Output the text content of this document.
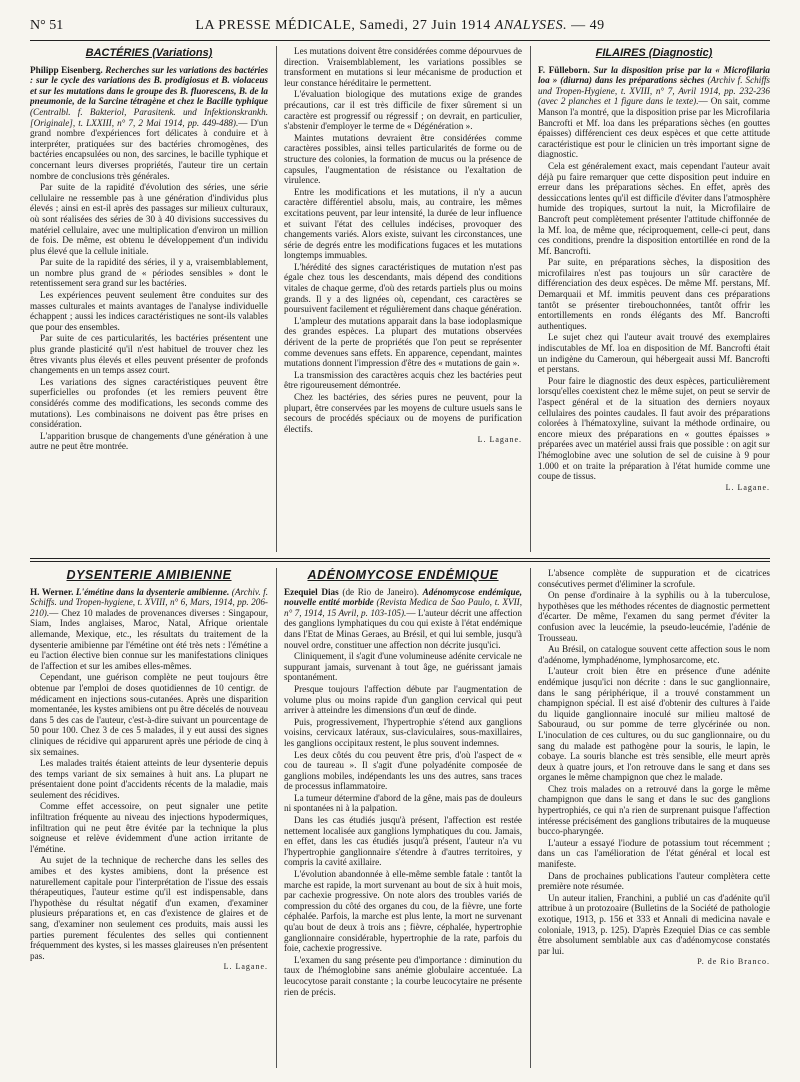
N° 51	LA PRESSE MÉDICALE, Samedi, 27 Juin 1914 ANALYSES. — 49
BACTÉRIES (Variations)

Philipp Eisenberg. Recherches sur les variations des bactéries : sur le cycle des variations des B. prodigiosus et B. violaceus et sur les mutations dans le groupe des B. fluorescens, B. de la pneumonie, de la Sarcine tétragène et chez le Bacille typhique (Centralbl. f. Bakteriol, Parasitenk. und Infektionskrankh. [Originale], t. LXXIII, n° 7, 2 Mai 1914, pp. 449-488).— D'un grand nombre d'expériences fort délicates à conduire et à interpréter, pratiquées sur des bactéries chromogènes, des bactéries encapsulées ou non, des sarcines, le bacille typhique et concernant leurs diverses propriétés, l'auteur tire un certain nombre de conclusions très générales.

Par suite de la rapidité d'évolution des séries, une série cellulaire ne ressemble pas à une génération d'individus plus élevés ; ainsi en est-il après des passages sur milieux culturaux, où sont réalisées des séries de 30 à 40 divisions successives du matériel cellulaire, avec une multiplication d'environ un million de fois. De même, est obtenu le développement d'un individu plus élevé que la cellule initiale.

Par suite de la rapidité des séries, il y a, vraisemblablement, un nombre plus grand de « périodes sensibles » dont le retentissement sera grand sur les bactéries.

Les expériences peuvent seulement être conduites sur des masses culturales et maints avantages de l'analyse individuelle échappent ; aussi les indices caractéristiques ne sont-ils valables que pour des ensembles.

Par suite de ces particularités, les bactéries présentent une plus grande plasticité qu'il n'est habituel de trouver chez les êtres vivants plus élevés et elles peuvent présenter de profonds changements en un temps assez court.

Les variations des signes caractéristiques peuvent être superficielles ou profondes (et les remiers peuvent être considérés comme des modifications, les seconds comme des mutations). Les combinaisons ne doivent pas être prises en considération.

L'apparition brusque de changements d'une génération à une autre ne peut être montrée.

Les mutations doivent être considérées comme dépourvues de direction. Vraisemblablement, les variations possibles se transforment en mutations si leur mécanisme de production et leur constance héréditaire le permettent.

L'évaluation biologique des mutations exige de grandes précautions, car il est très difficile de fixer sûrement si un caractère est progressif ou régressif ; on devrait, en particulier, s'abstenir d'employer le terme de « Dégénération ».

Maintes mutations devraient être considérées comme caractères possibles, ainsi telles particularités de forme ou de structure des colonies, la formation de mucus ou la présence de capsules, l'augmentation de résistance ou l'exaltation de virulence.

Entre les modifications et les mutations, il n'y a aucun caractère différentiel absolu, mais, au contraire, les mêmes excitations peuvent, par leur intensité, la durée de leur influence et suivant l'état des cellules indécises, provoquer des changements variés. Alors existe, suivant les circonstances, une série de degrés entre les modifications fugaces et les mutations longtemps immuables.

L'hérédité des signes caractéristiques de mutation n'est pas égale chez tous les descendants, mais dépend des conditions vitales de chaque germe, d'où des retards partiels plus ou moins grands. Il y a des lignées où, cependant, ces caractères se poursuivent facilement et régulièrement dans chaque génération.

L'ampleur des mutations apparait dans la base iodoplasmique des grandes espèces. La plupart des mutations observées dérivent de la perte de propriétés que l'on peut se représenter comme devenues sans effets. En apparence, cependant, maintes mutations donnent l'impression d'être des « mutations de gain ».

La transmission des caractères acquis chez les bactéries peut être rigoureusement démontrée.

Chez les bactéries, des séries pures ne peuvent, pour la plupart, être conservées par les moyens de culture usuels sans le secours de procédés spéciaux ou de moyens de purification électifs.

L. Lagane.

FILAIRES (Diagnostic)

F. Fülleborn. Sur la disposition prise par la « Microfilaria loa » (diurna) dans les préparations sèches (Archiv f. Schiffs und Tropen-Hygiene, t. XVIII, n° 7, Avril 1914, pp. 232-236 (avec 2 planches et 1 figure dans le texte).— On sait, comme Manson l'a montré, que la disposition prise par les Microfilaria Bancrofti et Mf. loa dans les préparations sèches (en gouttes épaisses) différencient ces deux espèces et que cette attitude caractéristique est pour le clinicien un très important signe de diagnostic.

Cela est généralement exact, mais cependant l'auteur avait déjà pu faire remarquer que cette disposition peut induire en erreur dans les préparations sèches. En effet, après des dessiccations lentes qu'il est difficile d'éviter dans l'atmosphère humide des tropiques, surtout la nuit, la Microfilaire de Bancroft peut complètement présenter l'attitude chiffonnée de la Mf. loa, de même que, réciproquement, celle-ci peut, dans ces conditions, prendre la disposition entortillée en rond de la Mf. Bancrofti.

Par suite, en préparations sèches, la disposition des microfilaires n'est pas toujours un sûr caractère de différenciation des deux espèces. De même Mf. perstans, Mf. Demarquaii et Mf. immitis peuvent dans ces préparations tantôt se présenter tirebouchonnées, tantôt offrir les entortillements en ronds élégants des Mf. Bancrofti authentiques.

Le sujet chez qui l'auteur avait trouvé des exemplaires indiscutables de Mf. loa en disposition de Mf. Bancrofti était un indigène du Cameroun, qui hébergeait aussi Mf. Bancrofti et perstans.

Pour faire le diagnostic des deux espèces, particulièrement lorsqu'elles coexistent chez le même sujet, on peut se servir de l'aspect général et de la situation des derniers noyaux cellulaires des pointes caudales. Il faut avoir des préparations colorées à l'hématoxyline, suivant la méthode ordinaire, ou encore mieux des préparations en « gouttes épaisses » préparées avec un matériel aussi frais que possible : on agit sur l'hémoglobine avec une solution de sel de cuisine à 9 pour 1.000 et on traite la préparation à l'état humide comme une coupe de tissus.

L. Lagane.

DYSENTERIE AMIBIENNE

H. Werner. L'émétine dans la dysenterie amibienne. (Archiv. f. Schiffs. und Tropen-hygiene, t. XVIII, n° 6, Mars, 1914, pp. 206-210).— Chez 10 malades de provenances diverses : Singapour, Siam, Indes anglaises, Maroc, Natal, Afrique orientale allemande, Mexique, etc., les résultats du traitement de la dysenterie amibienne par l'émétine ont été très nets : l'émétine a eu l'action élective bien connue sur les manifestations cliniques de l'affection et sur les amibes elles-mêmes.

Cependant, une guérison complète ne peut toujours être obtenue par l'emploi de doses quotidiennes de 10 centigr. de médicament en injections sous-cutanées. Après une disparition momentanée, les kystes amibiens ont pu être décelés de nouveau dans 5 des cas de l'auteur, c'est-à-dire suivant un pourcentage de 50 pour 100. Chez 3 de ces 5 malades, il y eut aussi des signes cliniques de récidive qui apparurent après une période de cinq à six semaines.

Les malades traités étaient atteints de leur dysenterie depuis des temps variant de six semaines à huit ans. La plupart ne présentaient done point d'accidents récents de la maladie, mais seulement des récidives.

Comme effet accessoire, on peut signaler une petite infiltration fréquente au niveau des injections hypodermiques, infiltration qui ne peut être évitée par la technique la plus soigneuse et relève évidemment d'une action irritante de l'émétine.

Au sujet de la technique de recherche dans les selles des amibes et des kystes amibiens, dont la présence est naturellement capitale pour l'interprétation de l'issue des essais thérapeutiques, l'auteur estime qu'il est indispensable, dans l'hypothèse du résultat négatif d'un examen, d'examiner plusieurs préparations et, en cas d'existence de glaires et de sang, d'examiner non seulement ces produits, mais aussi les parties purement féculentes des selles qui contiennent fréquemment des kystes, si les masses glaireuses n'en présentent pas.

L. Lagane.

ADÉNOMYCOSE ENDÉMIQUE

Ezequiel Dias (de Rio de Janeiro). Adénomycose endémique, nouvelle entité morbide (Revista Medica de Sao Paulo, t. XVII, n° 7, 1914, 15 Avril, p. 103-105).— L'auteur décrit une affection des ganglions lymphatiques du cou qui existe à l'état endémique dans l'Etat de Minas Geraes, au Brésil, et qui lui semble, jusqu'à nouvel ordre, constituer une affection non décrite jusqu'ici.

Cliniquement, il s'agit d'une volumineuse adénite cervicale ne suppurant jamais, survenant à tout âge, ne guérissant jamais spontanément.

Presque toujours l'affection débute par l'augmentation de volume plus ou moins rapide d'un ganglion cervical qui peut arriver à atteindre les dimensions d'un œuf de dinde.

Puis, progressivement, l'hypertrophie s'étend aux ganglions voisins, cervicaux latéraux, sus-claviculaires, sous-maxillaires, les ganglions occipitaux restent, le plus souvent indemnes.

Les deux côtés du cou peuvent être pris, d'où l'aspect de « cou de taureau ». Il s'agit d'une polyadénite composée de ganglions mobiles, indépendants les uns des autres, sans traces de processus inflammatoire.

La tumeur détermine d'abord de la gêne, mais pas de douleurs ni spontanées ni à la palpation.

Dans les cas étudiés jusqu'à présent, l'affection est restée nettement localisée aux ganglions lymphatiques du cou. Jamais, en effet, dans les cas étudiés jusqu'à présent, l'auteur n'a vu l'hypertrophie ganglionnaire s'étendre à d'autres territoires, y compris la cavité axillaire.

L'évolution abandonnée à elle-même semble fatale : tantôt la marche est rapide, la mort survenant au bout de six à huit mois, par cachexie progressive. On note alors des troubles variés de compression du côté des organes du cou, de la fièvre, une forte céphalée. Parfois, la marche est plus lente, la mort ne survenant qu'au bout de deux à trois ans ; fièvre, céphalée, hypertrophie ganglionnaire considérable, hypertrophie de la rate, parfois du foie, cachexie progressive.

L'examen du sang présente peu d'importance : diminution du taux de l'hémoglobine sans anémie globulaire accentuée. La leucocytose parait constante ; la courbe leucocytaire ne présente rien de précis.

L'absence complète de suppuration et de cicatrices consécutives permet d'éliminer la scrofule.

On pense d'ordinaire à la syphilis ou à la tuberculose, hypothèses que les méthodes récentes de diagnostic permettent d'écarter. De même, l'examen du sang permet d'éviter la confusion avec la leucémie, la pseudo-leucémie, l'adénie de Trousseau.

Au Brésil, on catalogue souvent cette affection sous le nom d'adénome, lymphadénome, lymphosarcome, etc.

L'auteur croit bien être en présence d'une adénite endémique jusqu'ici non décrite : dans le suc ganglionnaire, dans le sang périphérique, il a trouvé constamment un champignon spécial. Il est aisé d'obtenir des cultures à l'aide du liquide ganglionnaire inoculé sur milieu maltosé de Sabouraud, ou sur pomme de terre glycérinée ou non. L'inoculation de ces cultures, ou du suc ganglionnaire, ou du sang du malade est pathogène pour la souris, le lapin, le cobaye. La souris blanche est très sensible, elle meurt après deux à quatre jours, et l'on retrouve dans le sang et dans ses organes le même champignon que chez le malade.

Chez trois malades on a retrouvé dans la gorge le même champignon que dans le sang et dans le suc des ganglions hypertrophiés, ce qui n'a rien de surprenant puisque l'affection intéresse précisément des ganglions tributaires de la muqueuse bucco-pharyngée.

L'auteur a essayé l'iodure de potassium tout récemment ; dans un cas l'amélioration de l'état général et local est manifeste.

Dans de prochaines publications l'auteur complètera cette première note résumée.

Un auteur italien, Franchini, a publié un cas d'adénite qu'il attribue à un protozoaire (Bulletins de la Société de pathologie exotique, 1913, p. 156 et 333 et Annali di medicina navale e coloniale, 1913, p. 125). D'après Ezequiel Dias ce cas semble être absolument semblable aux cas d'adénomycose constatés par lui.

P. de Rio Branco.
